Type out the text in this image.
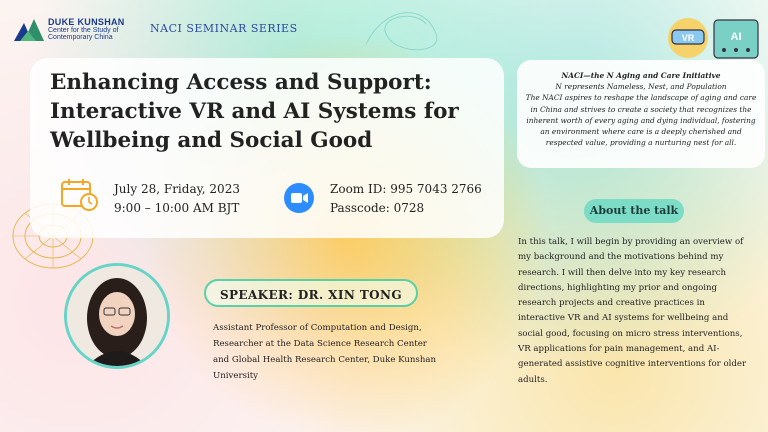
DUKE KUNSHAN
Center for the Study of
Contemporary China
NACI SEMINAR SERIES
VR	AI
Enhancing Access and Support: Interactive VR and AI Systems for Wellbeing and Social Good
July 28, Friday, 2023
9:00 – 10:00 AM BJT
Zoom ID: 995 7043 2766
Passcode: 0728
NACI—the N Aging and Care Initiative
N represents Nameless, Nest, and Population
The NACI aspires to reshape the landscape of aging and care in China and strives to create a society that recognizes the inherent worth of every aging and dying individual, fostering an environment where care is a deeply cherished and respected value, providing a nurturing nest for all.
About the talk
In this talk, I will begin by providing an overview of my background and the motivations behind my research. I will then delve into my key research directions, highlighting my prior and ongoing research projects and creative practices in interactive VR and AI systems for wellbeing and social good, focusing on micro stress interventions, VR applications for pain management, and AI-generated assistive cognitive interventions for older adults.
SPEAKER: DR. XIN TONG
Assistant Professor of Computation and Design, Researcher at the Data Science Research Center and Global Health Research Center, Duke Kunshan University
